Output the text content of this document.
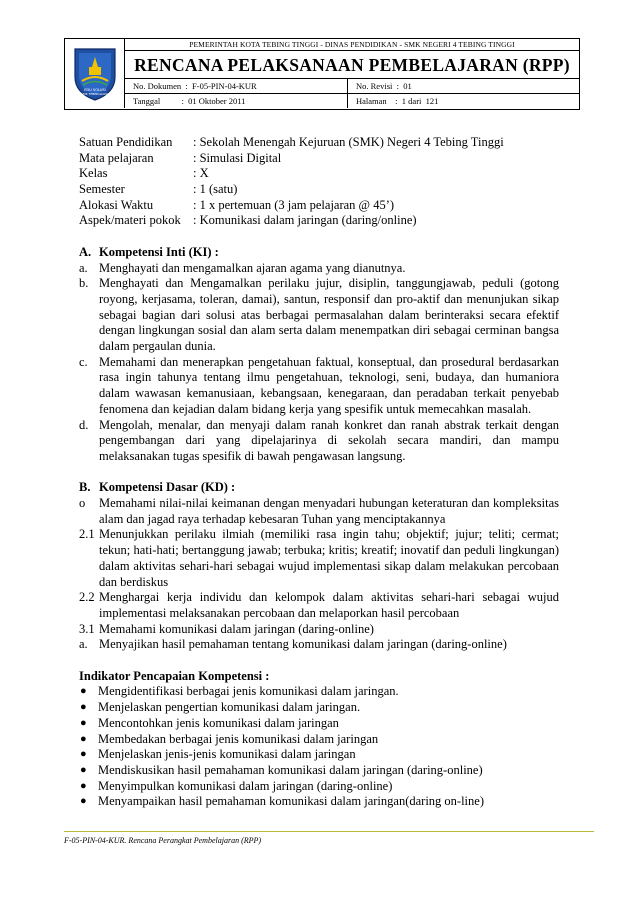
EDU SOLUSI
SMK TEBINGLIANG
PEMERINTAH KOTA TEBING TINGGI - DINAS PENDIDIKAN - SMK NEGERI 4 TEBING TINGGI
RENCANA PELAKSANAAN PEMBELAJARAN (RPP)
No. Dokumen  :  F-05-PIN-04-KUR	No. Revisi  :  01
Tanggal          :  01 Oktober 2011	Halaman    :  1 dari  121
Satuan Pendidikan	: Sekolah Menengah Kejuruan (SMK) Negeri 4 Tebing Tinggi
Mata pelajaran	: Simulasi Digital
Kelas	: X
Semester	: 1 (satu)
Alokasi Waktu	: 1 x pertemuan (3 jam pelajaran @ 45’)
Aspek/materi pokok : Komunikasi dalam jaringan (daring/online)
A. Kompetensi Inti (KI) :
a. Menghayati dan mengamalkan ajaran agama yang dianutnya.
b. Menghayati dan Mengamalkan perilaku jujur, disiplin, tanggungjawab, peduli (gotong royong, kerjasama, toleran, damai), santun, responsif dan pro-aktif dan menunjukan sikap sebagai bagian dari solusi atas berbagai permasalahan dalam berinteraksi secara efektif dengan lingkungan sosial dan alam serta dalam menempatkan diri sebagai cerminan bangsa dalam pergaulan dunia.
c. Memahami dan menerapkan pengetahuan faktual, konseptual, dan prosedural berdasarkan rasa ingin tahunya tentang ilmu pengetahuan, teknologi, seni, budaya, dan humaniora dalam wawasan kemanusiaan, kebangsaan, kenegaraan, dan peradaban terkait penyebab fenomena dan kejadian dalam bidang kerja yang spesifik untuk memecahkan masalah.
d. Mengolah, menalar, dan menyaji dalam ranah konkret dan ranah abstrak terkait dengan pengembangan dari yang dipelajarinya di sekolah secara mandiri, dan mampu melaksanakan tugas spesifik di bawah pengawasan langsung.
B. Kompetensi Dasar (KD) :
o	Memahami nilai-nilai keimanan dengan menyadari hubungan keteraturan dan kompleksitas alam dan jagad raya terhadap kebesaran Tuhan yang menciptakannya
2.1 Menunjukkan perilaku ilmiah (memiliki rasa ingin tahu; objektif; jujur; teliti; cermat; tekun; hati-hati; bertanggung jawab; terbuka; kritis; kreatif; inovatif dan peduli lingkungan) dalam aktivitas sehari-hari sebagai wujud implementasi sikap dalam melakukan percobaan dan berdiskus
2.2 Menghargai kerja individu dan kelompok dalam aktivitas sehari-hari sebagai wujud implementasi melaksanakan percobaan dan melaporkan hasil percobaan
3.1 Memahami komunikasi dalam jaringan (daring-online)
a. Menyajikan hasil pemahaman tentang komunikasi dalam jaringan (daring-online)
Indikator Pencapaian Kompetensi :
● Mengidentifikasi berbagai jenis komunikasi dalam jaringan.
● Menjelaskan pengertian komunikasi dalam jaringan.
● Mencontohkan jenis komunikasi dalam jaringan
● Membedakan berbagai jenis komunikasi dalam jaringan
● Menjelaskan jenis-jenis komunikasi dalam jaringan
● Mendiskusikan hasil pemahaman komunikasi dalam jaringan (daring-online)
● Menyimpulkan komunikasi dalam jaringan (daring-online)
● Menyampaikan hasil pemahaman komunikasi dalam jaringan(daring on-line)
F-05-PIN-04-KUR. Rencana Perangkat Pembelajaran (RPP)
